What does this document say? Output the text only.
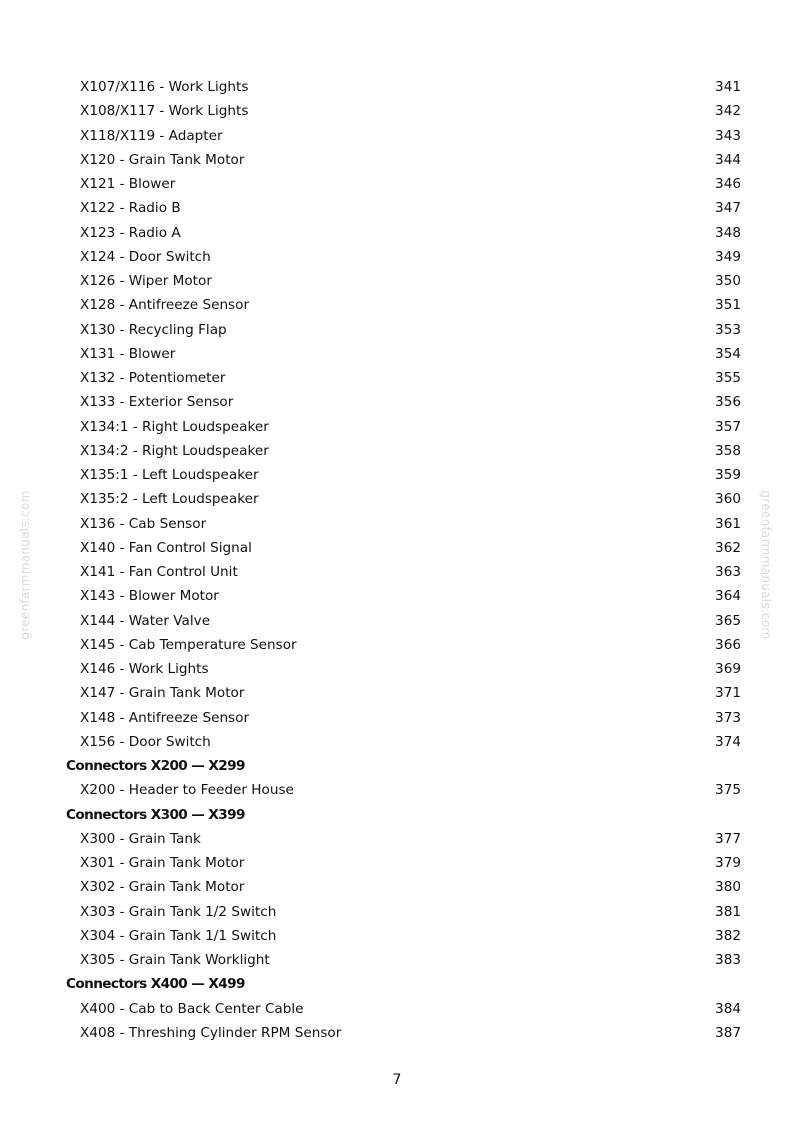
greenfarmmanuals.com	greenfarmmanuals.com
X107/X116 - Work Lights	341
X108/X117 - Work Lights	342
X118/X119 - Adapter	343
X120 - Grain Tank Motor	344
X121 - Blower	346
X122 - Radio B	347
X123 - Radio A	348
X124 - Door Switch	349
X126 - Wiper Motor	350
X128 - Antifreeze Sensor	351
X130 - Recycling Flap	353
X131 - Blower	354
X132 - Potentiometer	355
X133 - Exterior Sensor	356
X134:1 - Right Loudspeaker	357
X134:2 - Right Loudspeaker	358
X135:1 - Left Loudspeaker	359
X135:2 - Left Loudspeaker	360
X136 - Cab Sensor	361
X140 - Fan Control Signal	362
X141 - Fan Control Unit	363
X143 - Blower Motor	364
X144 - Water Valve	365
X145 - Cab Temperature Sensor	366
X146 - Work Lights	369
X147 - Grain Tank Motor	371
X148 - Antifreeze Sensor	373
X156 - Door Switch	374
Connectors X200 — X299
X200 - Header to Feeder House	375
Connectors X300 — X399
X300 - Grain Tank	377
X301 - Grain Tank Motor	379
X302 - Grain Tank Motor	380
X303 - Grain Tank 1/2 Switch	381
X304 - Grain Tank 1/1 Switch	382
X305 - Grain Tank Worklight	383
Connectors X400 — X499
X400 - Cab to Back Center Cable	384
X408 - Threshing Cylinder RPM Sensor	387
7
